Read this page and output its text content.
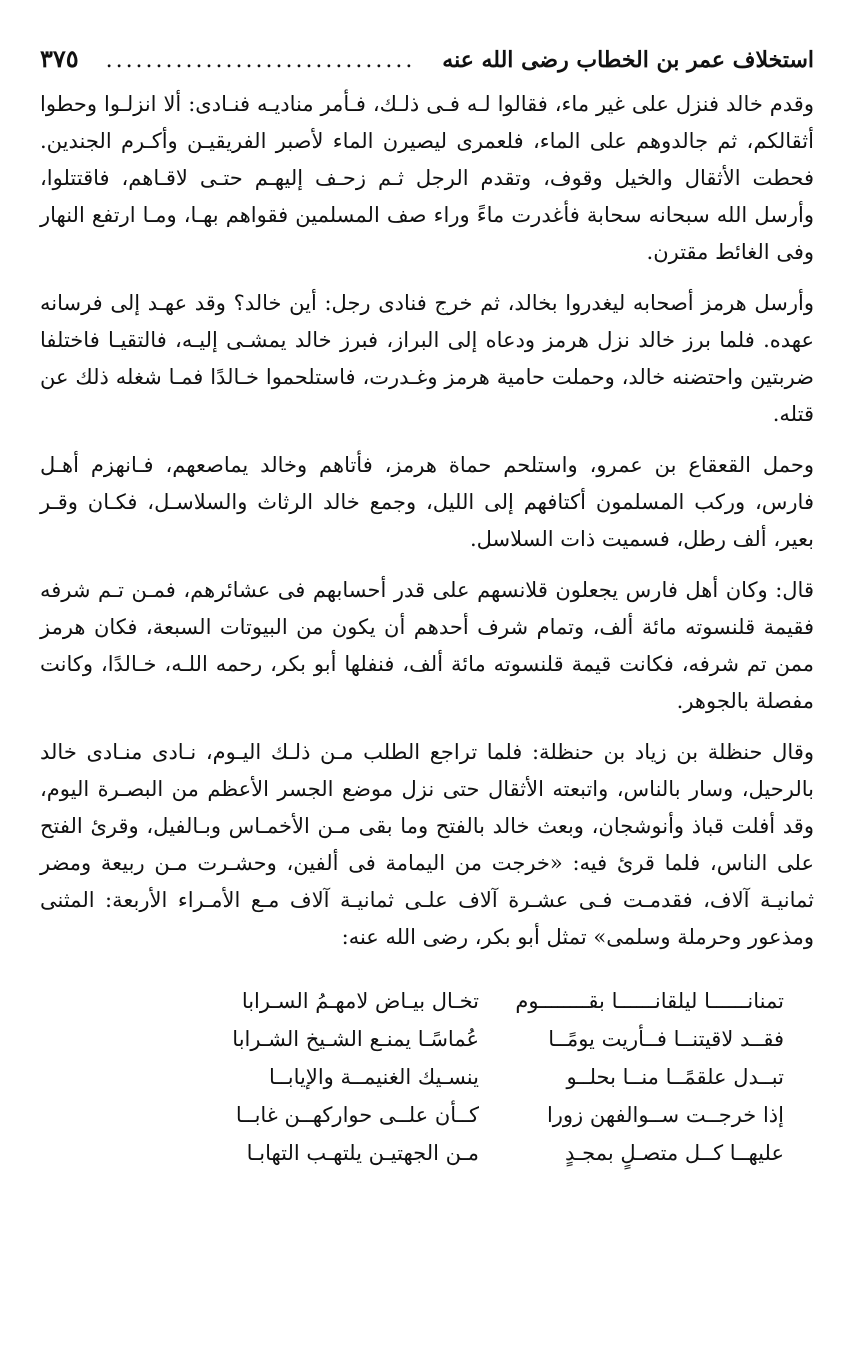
استخلاف عمر بن الخطاب رضى الله عنه
...............................
٣٧٥

وقدم خالد فنزل على غير ماء، فقالوا لـه فـى ذلـك، فـأمر مناديـه فنـادى: ألا انزلـوا وحطوا أثقالكم، ثم جالدوهم على الماء، فلعمرى ليصيرن الماء لأصبر الفريقيـن وأكـرم الجندين. فحطت الأثقال والخيل وقوف، وتقدم الرجل ثـم زحـف إليهـم حتـى لاقـاهم، فاقتتلوا، وأرسل الله سبحانه سحابة فأغدرت ماءً وراء صف المسلمين فقواهم بهـا، ومـا ارتفع النهار وفى الغائط مقترن.

وأرسل هرمز أصحابه ليغدروا بخالد، ثم خرج فنادى رجل: أين خالد؟ وقد عهـد إلى فرسانه عهده. فلما برز خالد نزل هرمز ودعاه إلى البراز، فبرز خالد يمشـى إليـه، فالتقيـا فاختلفا ضربتين واحتضنه خالد، وحملت حامية هرمز وغـدرت، فاستلحموا خـالدًا فمـا شغله ذلك عن قتله.

وحمل القعقاع بن عمرو، واستلحم حماة هرمز، فأتاهم وخالد يماصعهم، فـانهزم أهـل فارس، وركب المسلمون أكتافهم إلى الليل، وجمع خالد الرثاث والسلاسـل، فكـان وقـر بعير، ألف رطل، فسميت ذات السلاسل.

قال: وكان أهل فارس يجعلون قلانسهم على قدر أحسابهم فى عشائرهم، فمـن تـم شرفه فقيمة قلنسوته مائة ألف، وتمام شرف أحدهم أن يكون من البيوتات السبعة، فكان هرمز ممن تم شرفه، فكانت قيمة قلنسوته مائة ألف، فنفلها أبو بكر، رحمه اللـه، خـالدًا، وكانت مفصلة بالجوهر.

وقال حنظلة بن زياد بن حنظلة: فلما تراجع الطلب مـن ذلـك اليـوم، نـادى منـادى خالد بالرحيل، وسار بالناس، واتبعته الأثقال حتى نزل موضع الجسر الأعظم من البصـرة اليوم، وقد أفلت قباذ وأنوشجان، وبعث خالد بالفتح وما بقى مـن الأخمـاس وبـالفيل، وقرئ الفتح على الناس، فلما قرئ فيه: «خرجت من اليمامة فى ألفين، وحشـرت مـن ربيعة ومضر ثمانيـة آلاف، فقدمـت فـى عشـرة آلاف علـى ثمانيـة آلاف مـع الأمـراء الأربعة: المثنى ومذعور وحرملة وسلمى» تمثل أبو بكر، رضى الله عنه:

تمنانــــــا ليلقانــــــا بقــــــــوم
تخـال بيـاض لامهـمُ السـرابا
فقــد لاقيتنــا فــأريت يومًــا
عُماسًـا يمنـع الشـيخ الشـرابا
تبــدل علقمًــا منــا بحلــو
ينسـيك الغنيمــة والإيابــا
إذا خرجــت ســوالفهن زورا
كــأن علــى حواركهــن غابــا
عليهــا كــل متصـلٍ بمجـدٍ
مـن الجهتيـن يلتهـب التهابـا
